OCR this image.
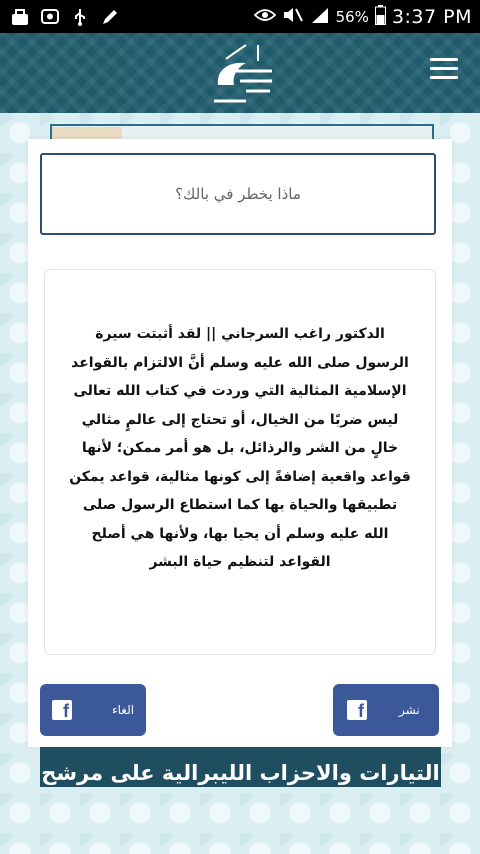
56% 3:37 PM
ماذا يخطر في بالك؟
الدكتور راغب السرجاني || لقد أثبتت سيرة الرسول صلى الله عليه وسلم أنَّ الالتزام بالقواعد الإسلامية المثالية التي وردت في كتاب الله تعالى ليس ضربًا من الخيال، أو تحتاج إلى عالمٍ مثالي خالٍ من الشر والرذائل، بل هو أمر ممكن؛ لأنها قواعد واقعية إضافةً إلى كونها مثالية، قواعد يمكن تطبيقها والحياة بها كما استطاع الرسول صلى الله عليه وسلم أن يحيا بها، ولأنها هي أصلح القواعد لتنظيم حياة البشر
f
الغاء
f	نشر
التيارات والاحزاب الليبرالية على مرشح
